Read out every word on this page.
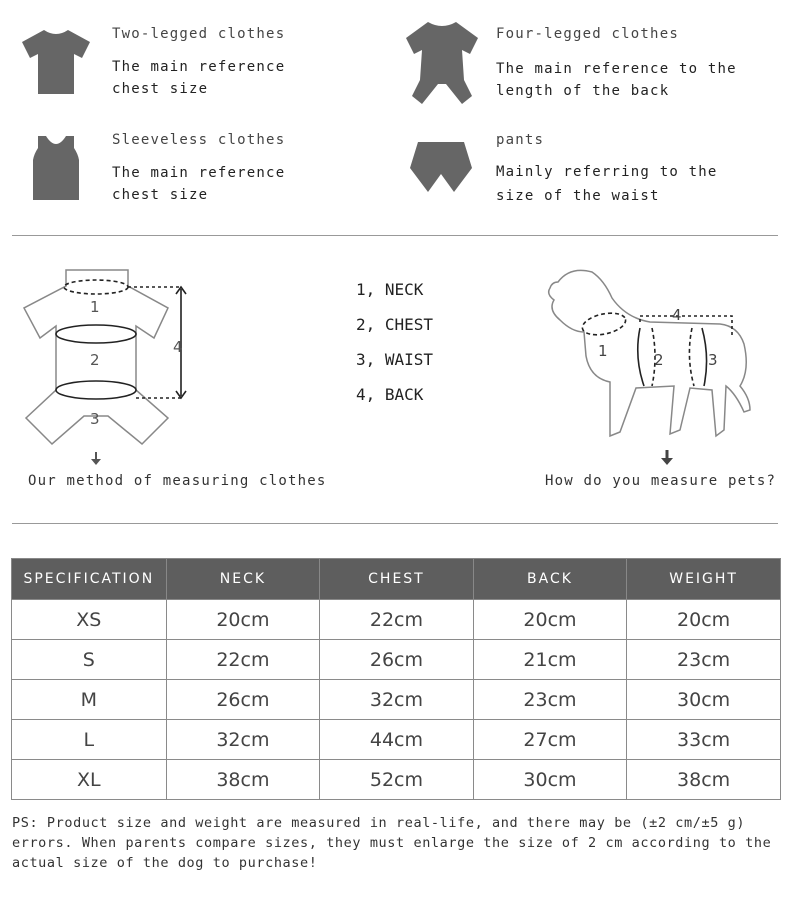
Two-legged clothes
The main reference
chest size
Four-legged clothes
The main reference to the
length of the back
Sleeveless clothes
The main reference
chest size
pants
Mainly referring to the
size of the waist
1
2
3
4
1, NECK
2, CHEST
3, WAIST
4, BACK
1	2	3
4
Our method of measuring clothes	How do you measure pets?
SPECIFICATION	NECK	CHEST	BACK	WEIGHT
XS	20cm	22cm	20cm	20cm
S	22cm	26cm	21cm	23cm
M	26cm	32cm	23cm	30cm
L	32cm	44cm	27cm	33cm
XL	38cm	52cm	30cm	38cm
PS: Product size and weight are measured in real-life, and there may be (±2 cm/±5 g)
errors. When parents compare sizes, they must enlarge the size of 2 cm according to the
actual size of the dog to purchase!
